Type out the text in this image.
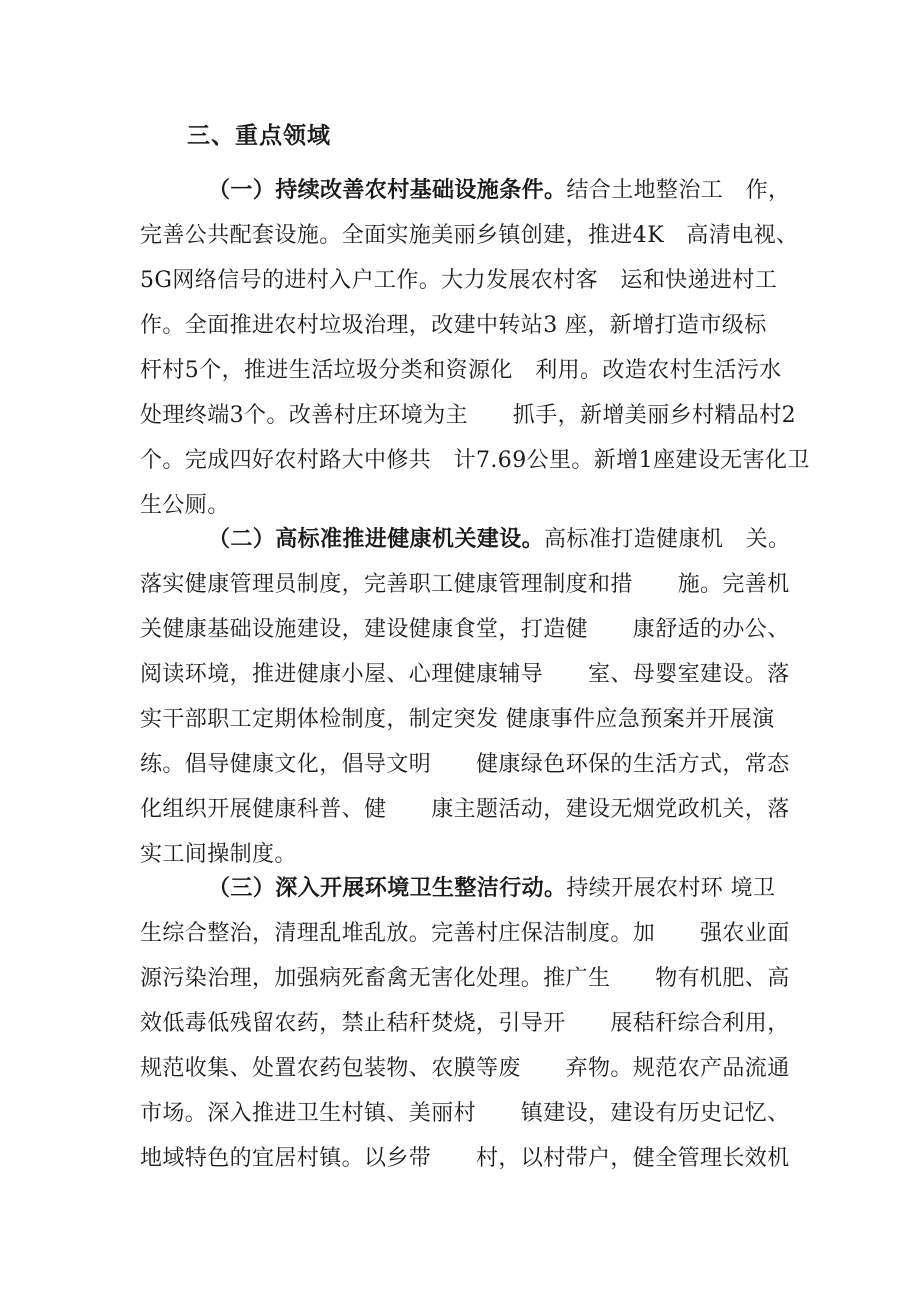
三、重点领域
（一）持续改善农村基础设施条件。结合土地整治工　作，
完善公共配套设施。全面实施美丽乡镇创建，推进4K　高清电视、
5G网络信号的进村入户工作。大力发展农村客　运和快递进村工
作。全面推进农村垃圾治理，改建中转站3 座，新增打造市级标
杆村5个，推进生活垃圾分类和资源化　利用。改造农村生活污水
处理终端3个。改善村庄环境为主　　抓手，新增美丽乡村精品村2
个。完成四好农村路大中修共　计7.69公里。新增1座建设无害化卫
生公厕。
（二）高标准推进健康机关建设。高标准打造健康机　关。
落实健康管理员制度，完善职工健康管理制度和措　　施。完善机
关健康基础设施建设，建设健康食堂，打造健　　康舒适的办公、
阅读环境，推进健康小屋、心理健康辅导　　室、母婴室建设。落
实干部职工定期体检制度，制定突发 健康事件应急预案并开展演
练。倡导健康文化，倡导文明　　健康绿色环保的生活方式，常态
化组织开展健康科普、健　　康主题活动，建设无烟党政机关，落
实工间操制度。
（三）深入开展环境卫生整洁行动。持续开展农村环 境卫
生综合整治，清理乱堆乱放。完善村庄保洁制度。加　　强农业面
源污染治理，加强病死畜禽无害化处理。推广生　　物有机肥、高
效低毒低残留农药，禁止秸秆焚烧，引导开　　展秸秆综合利用，
规范收集、处置农药包装物、农膜等废　　弃物。规范农产品流通
市场。深入推进卫生村镇、美丽村　　镇建设，建设有历史记忆、
地域特色的宜居村镇。以乡带　　村，以村带户，健全管理长效机
